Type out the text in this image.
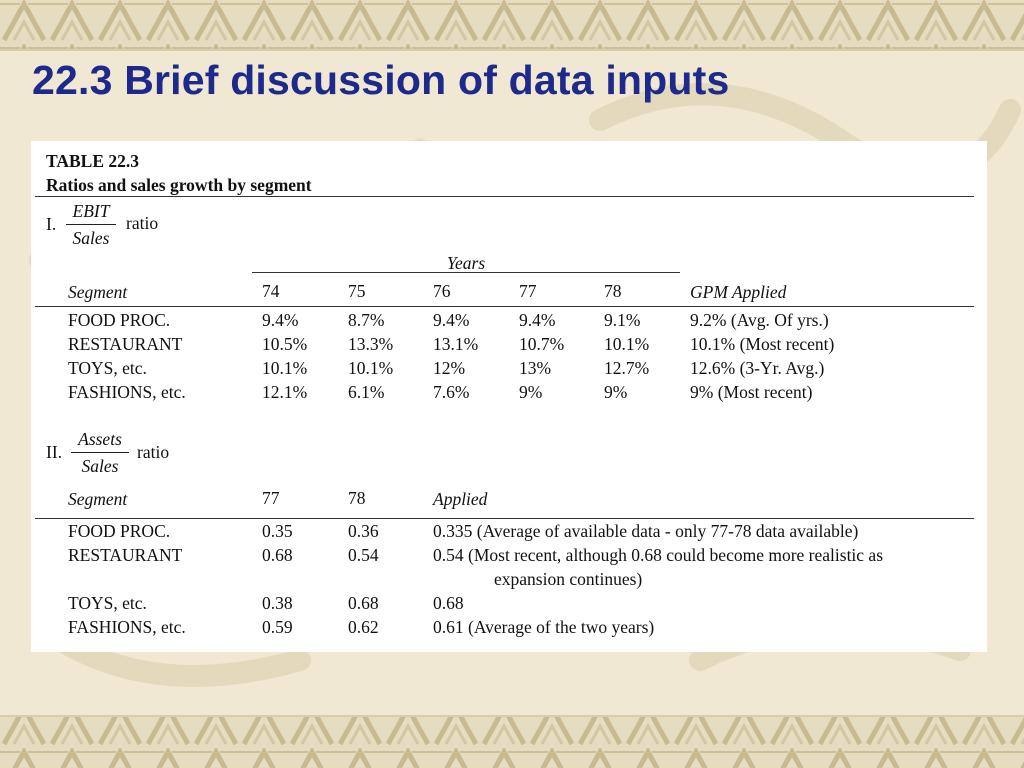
22.3 Brief discussion of data inputs
TABLE 22.3
Ratios and sales growth by segment
I.
EBIT
Sales
ratio
Years
Segment	74	75	76	77	78	GPM Applied
FOOD PROC.	9.4%	8.7%	9.4%	9.4%	9.1%	9.2% (Avg. Of yrs.)
RESTAURANT	10.5% 13.3% 13.1% 10.7% 10.1% 10.1% (Most recent)
TOYS, etc.	10.1% 10.1% 12%	13%	12.7% 12.6% (3-Yr. Avg.)
FASHIONS, etc.	12.1% 6.1%	7.6%	9%	9%	9% (Most recent)
II.
Assets
Sales
ratio
Segment	77	78	Applied
FOOD PROC.	0.35	0.36	0.335 (Average of available data - only 77-78 data available)
RESTAURANT	0.68	0.54	0.54 (Most recent, although 0.68 could become more realistic as
expansion continues)
TOYS, etc.	0.38	0.68	0.68
FASHIONS, etc.	0.59	0.62	0.61 (Average of the two years)
